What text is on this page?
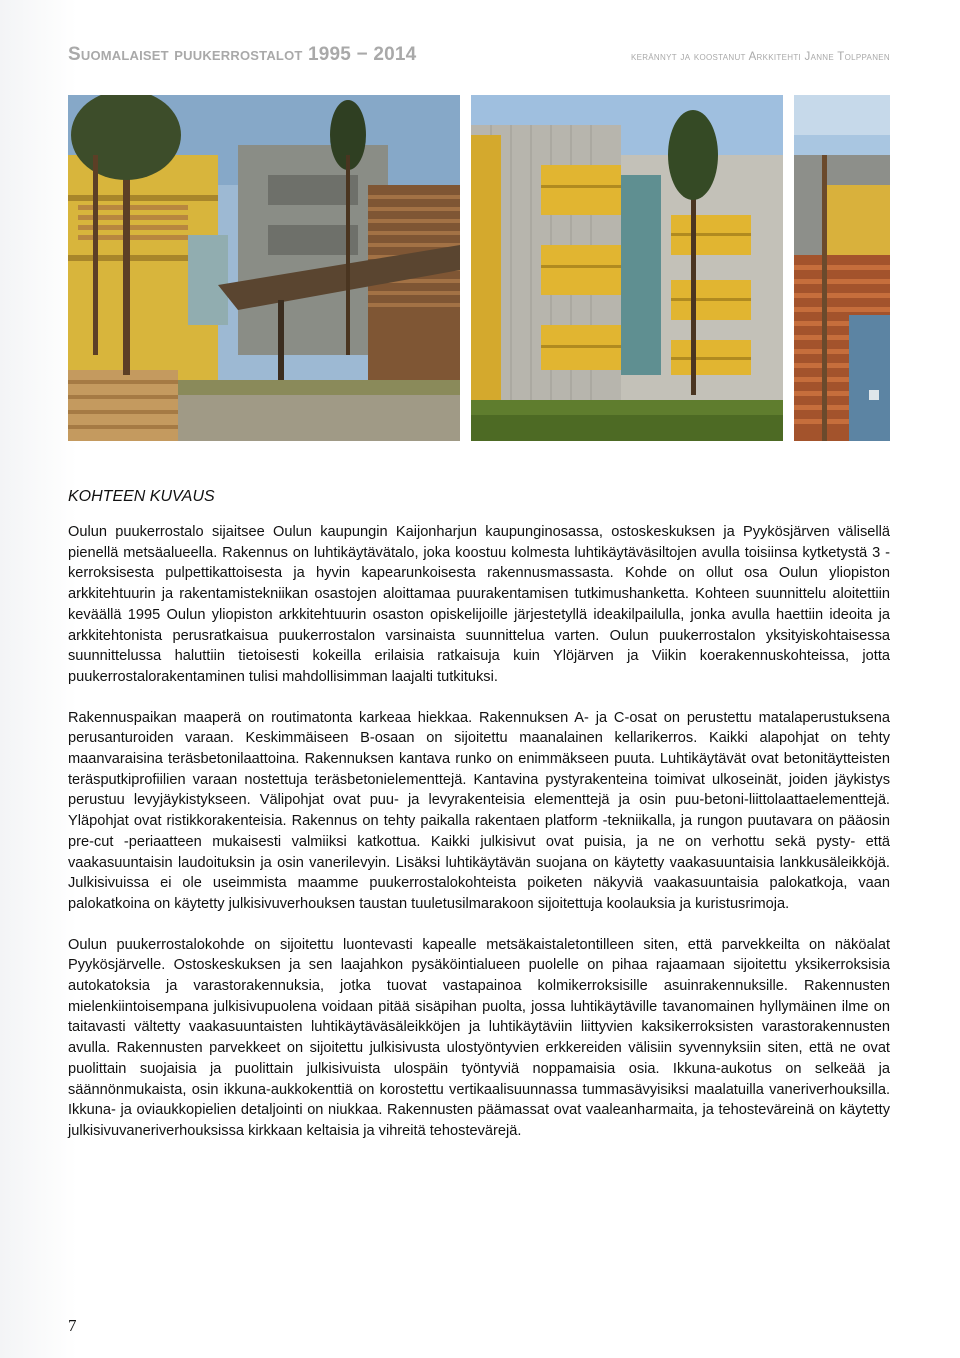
Suomalaiset puukerrostalot 1995 − 2014	kerännyt ja koostanut Arkkitehti Janne Tolppanen
KOHTEEN KUVAUS

Oulun puukerrostalo sijaitsee Oulun kaupungin Kaijonharjun kaupunginosassa, ostoskeskuksen ja Pyykösjärven välisellä pienellä metsäalueella. Rakennus on luhtikäytävätalo, joka koostuu kolmesta luhtikäytäväsiltojen avulla toisiinsa kytketystä 3 -kerroksisesta pulpettikattoisesta ja hyvin kapearunkoisesta rakennusmassasta. Kohde on ollut osa Oulun yliopiston arkkitehtuurin ja rakentamistekniikan osastojen aloittamaa puurakentamisen tutkimushanketta. Kohteen suunnittelu aloitettiin keväällä 1995 Oulun yliopiston arkkitehtuurin osaston opiskelijoille järjestetyllä ideakilpailulla, jonka avulla haettiin ideoita ja arkkitehtonista perusratkaisua puukerrostalon varsinaista suunnittelua varten. Oulun puukerrostalon yksityiskohtaisessa suunnittelussa haluttiin tietoisesti kokeilla erilaisia ratkaisuja kuin Ylöjärven ja Viikin koerakennuskohteissa, jotta puukerrostalorakentaminen tulisi mahdollisimman laajalti tutkituksi.

Rakennuspaikan maaperä on routimatonta karkeaa hiekkaa. Rakennuksen A- ja C-osat on perustettu matalaperustuksena perusanturoiden varaan. Keskimmäiseen B-osaan on sijoitettu maanalainen kellarikerros. Kaikki alapohjat on tehty maanvaraisina teräsbetonilaattoina. Rakennuksen kantava runko on enimmäkseen puuta. Luhtikäytävät ovat betonitäytteisten teräsputkiprofiilien varaan nostettuja teräsbetonielementtejä. Kantavina pystyrakenteina toimivat ulkoseinät, joiden jäykistys perustuu levyjäykistykseen. Välipohjat ovat puu- ja levyrakenteisia elementtejä ja osin puu-betoni-liittolaattaelementtejä. Yläpohjat ovat ristikkorakenteisia. Rakennus on tehty paikalla rakentaen platform -tekniikalla, ja rungon puutavara on pääosin pre-cut -periaatteen mukaisesti valmiiksi katkottua. Kaikki julkisivut ovat puisia, ja ne on verhottu sekä pysty- että vaakasuuntaisin laudoituksin ja osin vanerilevyin. Lisäksi luhtikäytävän suojana on käytetty vaakasuuntaisia lankkusäleikköjä. Julkisivuissa ei ole useimmista maamme puukerrostalokohteista poiketen näkyviä vaakasuuntaisia palokatkoja, vaan palokatkoina on käytetty julkisivuverhouksen taustan tuuletusilmarakoon sijoitettuja koolauksia ja kuristusrimoja.

Oulun puukerrostalokohde on sijoitettu luontevasti kapealle metsäkaistaletontilleen siten, että parvekkeilta on näköalat Pyykösjärvelle. Ostoskeskuksen ja sen laajahkon pysäköintialueen puolelle on pihaa rajaamaan sijoitettu yksikerroksisia autokatoksia ja varastorakennuksia, jotka tuovat vastapainoa kolmikerroksisille asuinrakennuksille. Rakennusten mielenkiintoisempana julkisivupuolena voidaan pitää sisäpihan puolta, jossa luhtikäytäville tavanomainen hyllymäinen ilme on taitavasti vältetty vaakasuuntaisten luhtikäytäväsäleikköjen ja luhtikäytäviin liittyvien kaksikerroksisten varastorakennusten avulla. Rakennusten parvekkeet on sijoitettu julkisivusta ulostyöntyvien erkkereiden välisiin syvennyksiin siten, että ne ovat puolittain suojaisia ja puolittain julkisivuista ulospäin työntyviä noppamaisia osia. Ikkuna-aukotus on selkeää ja säännönmukaista, osin ikkuna-aukkokenttiä on korostettu vertikaalisuunnassa tummasävyisiksi maalatuilla vaneriverhouksilla. Ikkuna- ja oviaukkopielien detaljointi on niukkaa. Rakennusten päämassat ovat vaaleanharmaita, ja tehosteväreinä on käytetty julkisivuvaneriverhouksissa kirkkaan keltaisia ja vihreitä tehostevärejä.

7
